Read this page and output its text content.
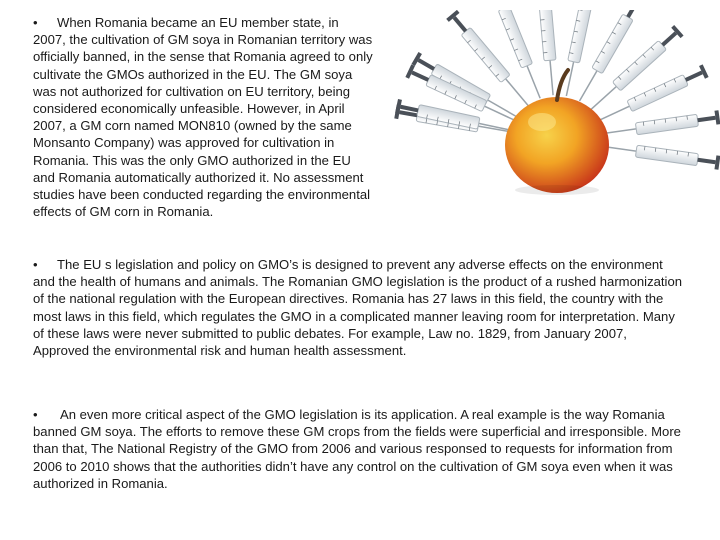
• When Romania became an EU member state, in 2007, the cultivation of GM soya in Romanian territory was officially banned, in the sense that Romania agreed to only cultivate the GMOs authorized in the EU. The GM soya was not authorized for cultivation on EU territory, being considered economically unfeasible. However, in April 2007, a GM corn named MON810 (owned by the same Monsanto Company) was approved for cultivation in Romania. This was the only GMO authorized in the EU and Romania automatically authorized it. No assessment studies have been conducted regarding the environmental effects of GM corn in Romania.

• The EU s legislation and policy on GMO’s is designed to prevent any adverse effects on the environment and the health of humans and animals. The Romanian GMO legislation is the product of a rushed harmonization of the national regulation with the European directives. Romania has 27 laws in this field, the country with the most laws in this field, which regulates the GMO in a complicated manner leaving room for interpretation. Many of these laws were never submitted to public debates. For example, Law no. 1829, from January 2007, Approved the environmental risk and human health assessment.

• An even more critical aspect of the GMO legislation is its application. A real example is the way Romania banned GM soya. The efforts to remove these GM crops from the fields were superficial and irresponsible. More than that, The National Registry of the GMO from 2006 and various responsed to requests for information from 2006 to 2010 shows that the authorities didn’t have any control on the cultivation of GM soya even when it was authorized in Romania.
